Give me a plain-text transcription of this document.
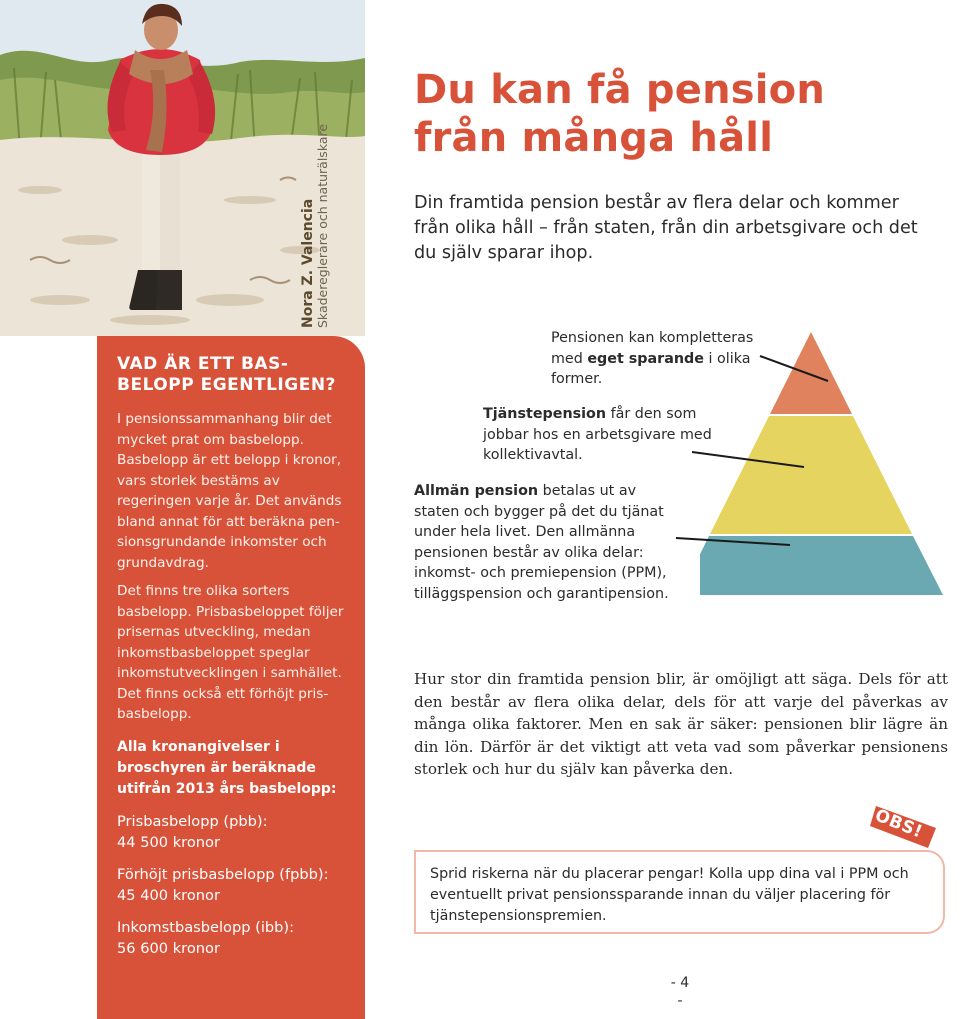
Nora Z. Valencia Skadereglerare och naturälskare
VAD ÄR ETT BAS-BELOPP EGENTLIGEN?

I pensionssammanhang blir det mycket prat om basbelopp. Basbelopp är ett belopp i kronor, vars storlek bestäms av regeringen varje år. Det används bland annat för att beräkna pensionsgrundande inkomster och grundavdrag.

Det finns tre olika sorters basbelopp. Prisbasbeloppet följer prisernas utveckling, medan inkomstbasbeloppet speglar inkomstutvecklingen i samhället. Det finns också ett förhöjt prisbasbelopp.

Alla kronangivelser i broschyren är beräknade utifrån 2013 års basbelopp:

Prisbasbelopp (pbb):
44 500 kronor
Förhöjt prisbasbelopp (fpbb):
45 400 kronor
Inkomstbasbelopp (ibb):
56 600 kronor
Du kan få pension
från många håll

Din framtida pension består av flera delar och kommer från olika håll – från staten, från din arbetsgivare och det du själv sparar ihop.

Pensionen kan kompletteras med eget sparande i olika former.
Tjänstepension får den som jobbar hos en arbetsgivare med kollektivavtal.
Allmän pension betalas ut av staten och bygger på det du tjänat under hela livet. Den allmänna pensionen består av olika delar: inkomst- och premiepension (PPM), tilläggspension och garantipension.

Hur stor din framtida pension blir, är omöjligt att säga. Dels för att den består av flera olika delar, dels för att varje del påverkas av många olika faktorer. Men en sak är säker: pensionen blir lägre än din lön. Därför är det viktigt att veta vad som påverkar pensionens storlek och hur du själv kan påverka den.

OBS!

Sprid riskerna när du placerar pengar! Kolla upp dina val i PPM och eventuellt privat pensionssparande innan du väljer placering för tjänstepensionspremien.

- 4
-
